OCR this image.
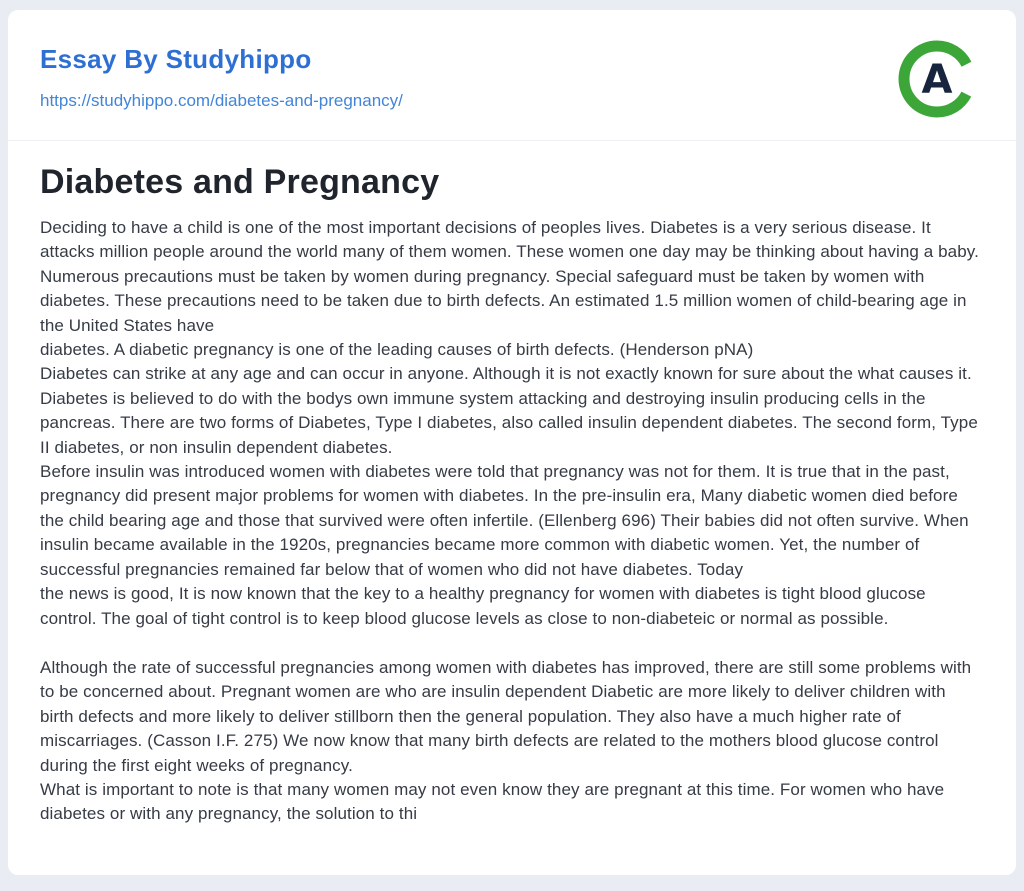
Essay By Studyhippo
https://studyhippo.com/diabetes-and-pregnancy/	A
Diabetes and Pregnancy

Deciding to have a child is one of the most important decisions of peoples lives. Diabetes is a very serious disease. It attacks million people around the world many of them women. These women one day may be thinking about having a baby. Numerous precautions must be taken by women during pregnancy. Special safeguard must be taken by women with diabetes. These precautions need to be taken due to birth defects. An estimated 1.5 million women of child-bearing age in the United States have

diabetes. A diabetic pregnancy is one of the leading causes of birth defects. (Henderson pNA)

Diabetes can strike at any age and can occur in anyone. Although it is not exactly known for sure about the what causes it. Diabetes is believed to do with the bodys own immune system attacking and destroying insulin producing cells in the pancreas. There are two forms of Diabetes, Type I diabetes, also called insulin dependent diabetes. The second form, Type II diabetes, or non insulin dependent diabetes.

Before insulin was introduced women with diabetes were told that pregnancy was not for them. It is true that in the past, pregnancy did present major problems for women with diabetes. In the pre-insulin era, Many diabetic women died before the child bearing age and those that survived were often infertile. (Ellenberg 696) Their babies did not often survive. When insulin became available in the 1920s, pregnancies became more common with diabetic women. Yet, the number of successful pregnancies remained far below that of women who did not have diabetes. Today

the news is good, It is now known that the key to a healthy pregnancy for women with diabetes is tight blood glucose control. The goal of tight control is to keep blood glucose levels as close to non-diabeteic or normal as possible.

Although the rate of successful pregnancies among women with diabetes has improved, there are still some problems with to be concerned about. Pregnant women are who are insulin dependent Diabetic are more likely to deliver children with birth defects and more likely to deliver stillborn then the general population. They also have a much higher rate of miscarriages. (Casson I.F. 275) We now know that many birth defects are related to the mothers blood glucose control during the first eight weeks of pregnancy.

What is important to note is that many women may not even know they are pregnant at this time. For women who have diabetes or with any pregnancy, the solution to thi
